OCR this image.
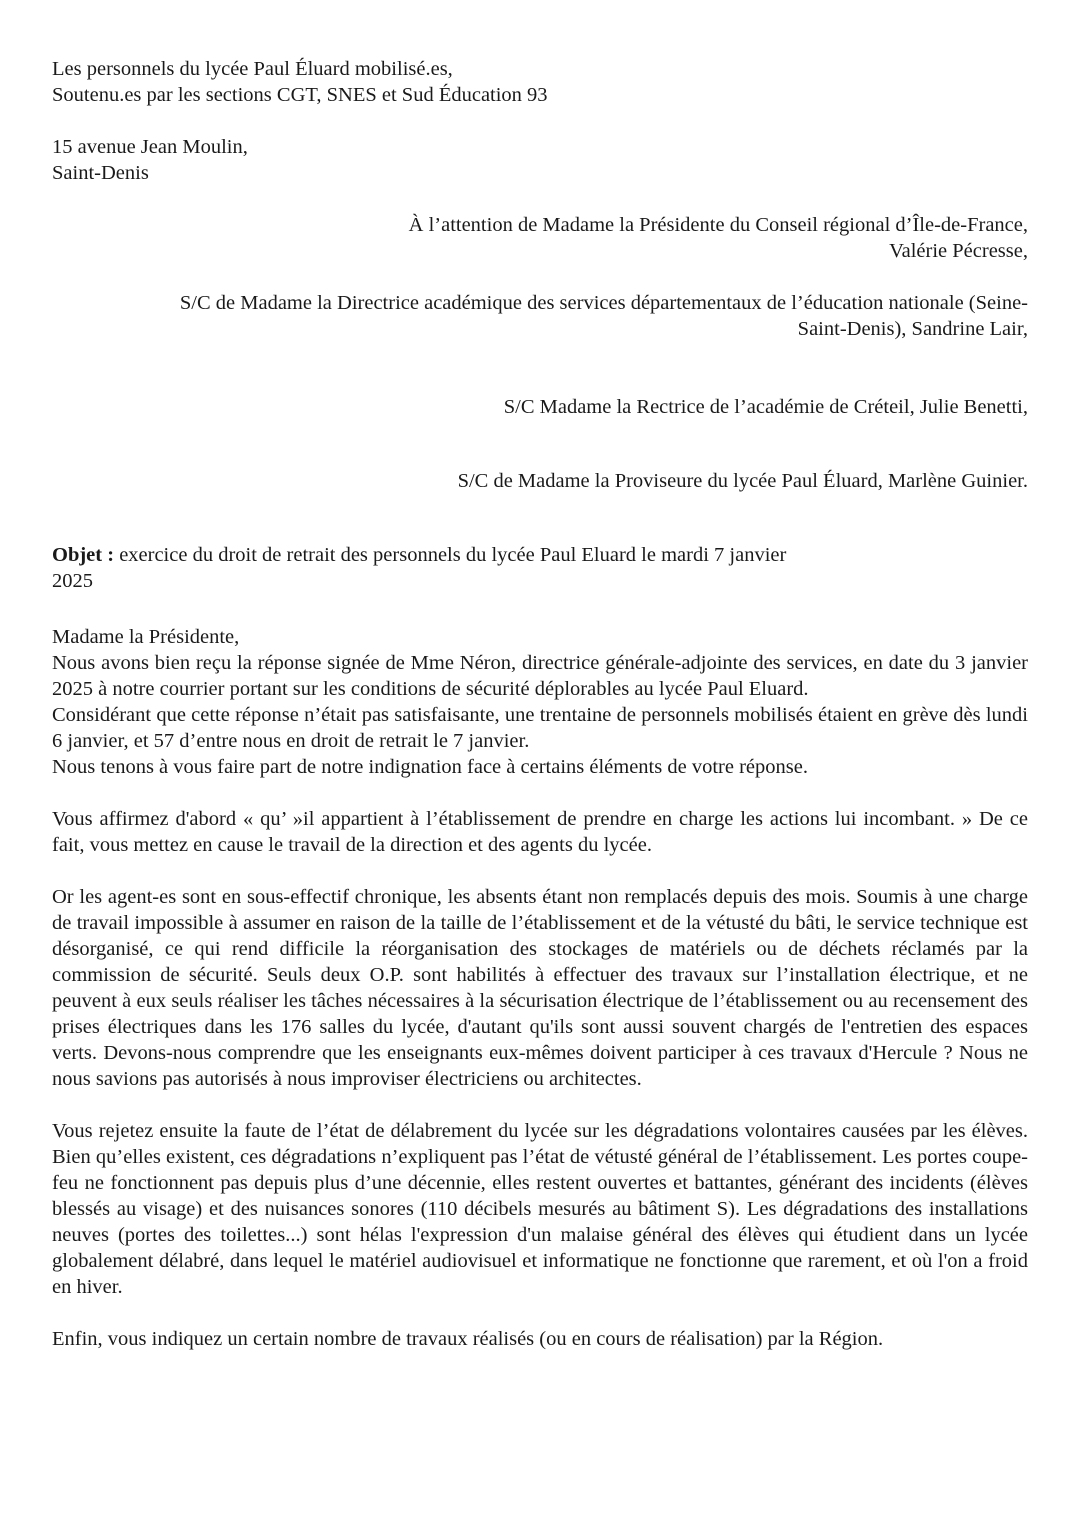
Les personnels du lycée Paul Éluard mobilisé.es,
Soutenu.es par les sections CGT, SNES et Sud Éducation 93
15 avenue Jean Moulin,
Saint-Denis
À l’attention de Madame la Présidente du Conseil régional d’Île-de-France,
Valérie Pécresse,
S/C de Madame la Directrice académique des services départementaux de l’éducation nationale (Seine-
Saint-Denis), Sandrine Lair,
S/C Madame la Rectrice de l’académie de Créteil, Julie Benetti,
S/C de Madame la Proviseure du lycée Paul Éluard, Marlène Guinier.
Objet : exercice du droit de retrait des personnels du lycée Paul Eluard le mardi 7 janvier
2025
Madame la Présidente,

Nous avons bien reçu la réponse signée de Mme Néron, directrice générale-adjointe des services, en date du 3 janvier 2025 à notre courrier portant sur les conditions de sécurité déplorables au lycée Paul Eluard.

Considérant que cette réponse n’était pas satisfaisante, une trentaine de personnels mobilisés étaient en grève dès lundi 6 janvier, et 57 d’entre nous en droit de retrait le 7 janvier.

Nous tenons à vous faire part de notre indignation face à certains éléments de votre réponse.

Vous affirmez d'abord « qu’ »il appartient à l’établissement de prendre en charge les actions lui incombant. » De ce fait, vous mettez en cause le travail de la direction et des agents du lycée.

Or les agent-es sont en sous-effectif chronique, les absents étant non remplacés depuis des mois. Soumis à une charge de travail impossible à assumer en raison de la taille de l’établissement et de la vétusté du bâti, le service technique est désorganisé, ce qui rend difficile la réorganisation des stockages de matériels ou de déchets réclamés par la commission de sécurité. Seuls deux O.P. sont habilités à effectuer des travaux sur l’installation électrique, et ne peuvent à eux seuls réaliser les tâches nécessaires à la sécurisation électrique de l’établissement ou au recensement des prises électriques dans les 176 salles du lycée, d'autant qu'ils sont aussi souvent chargés de l'entretien des espaces verts. Devons-nous comprendre que les enseignants eux-mêmes doivent participer à ces travaux d'Hercule ? Nous ne nous savions pas autorisés à nous improviser électriciens ou architectes.

Vous rejetez ensuite la faute de l’état de délabrement du lycée sur les dégradations volontaires causées par les élèves. Bien qu’elles existent, ces dégradations n’expliquent pas l’état de vétusté général de l’établissement. Les portes coupe-feu ne fonctionnent pas depuis plus d’une décennie, elles restent ouvertes et battantes, générant des incidents (élèves blessés au visage) et des nuisances sonores (110 décibels mesurés au bâtiment S). Les dégradations des installations neuves (portes des toilettes...) sont hélas l'expression d'un malaise général des élèves qui étudient dans un lycée globalement délabré, dans lequel le matériel audiovisuel et informatique ne fonctionne que rarement, et où l'on a froid en hiver.

Enfin, vous indiquez un certain nombre de travaux réalisés (ou en cours de réalisation) par la Région.
